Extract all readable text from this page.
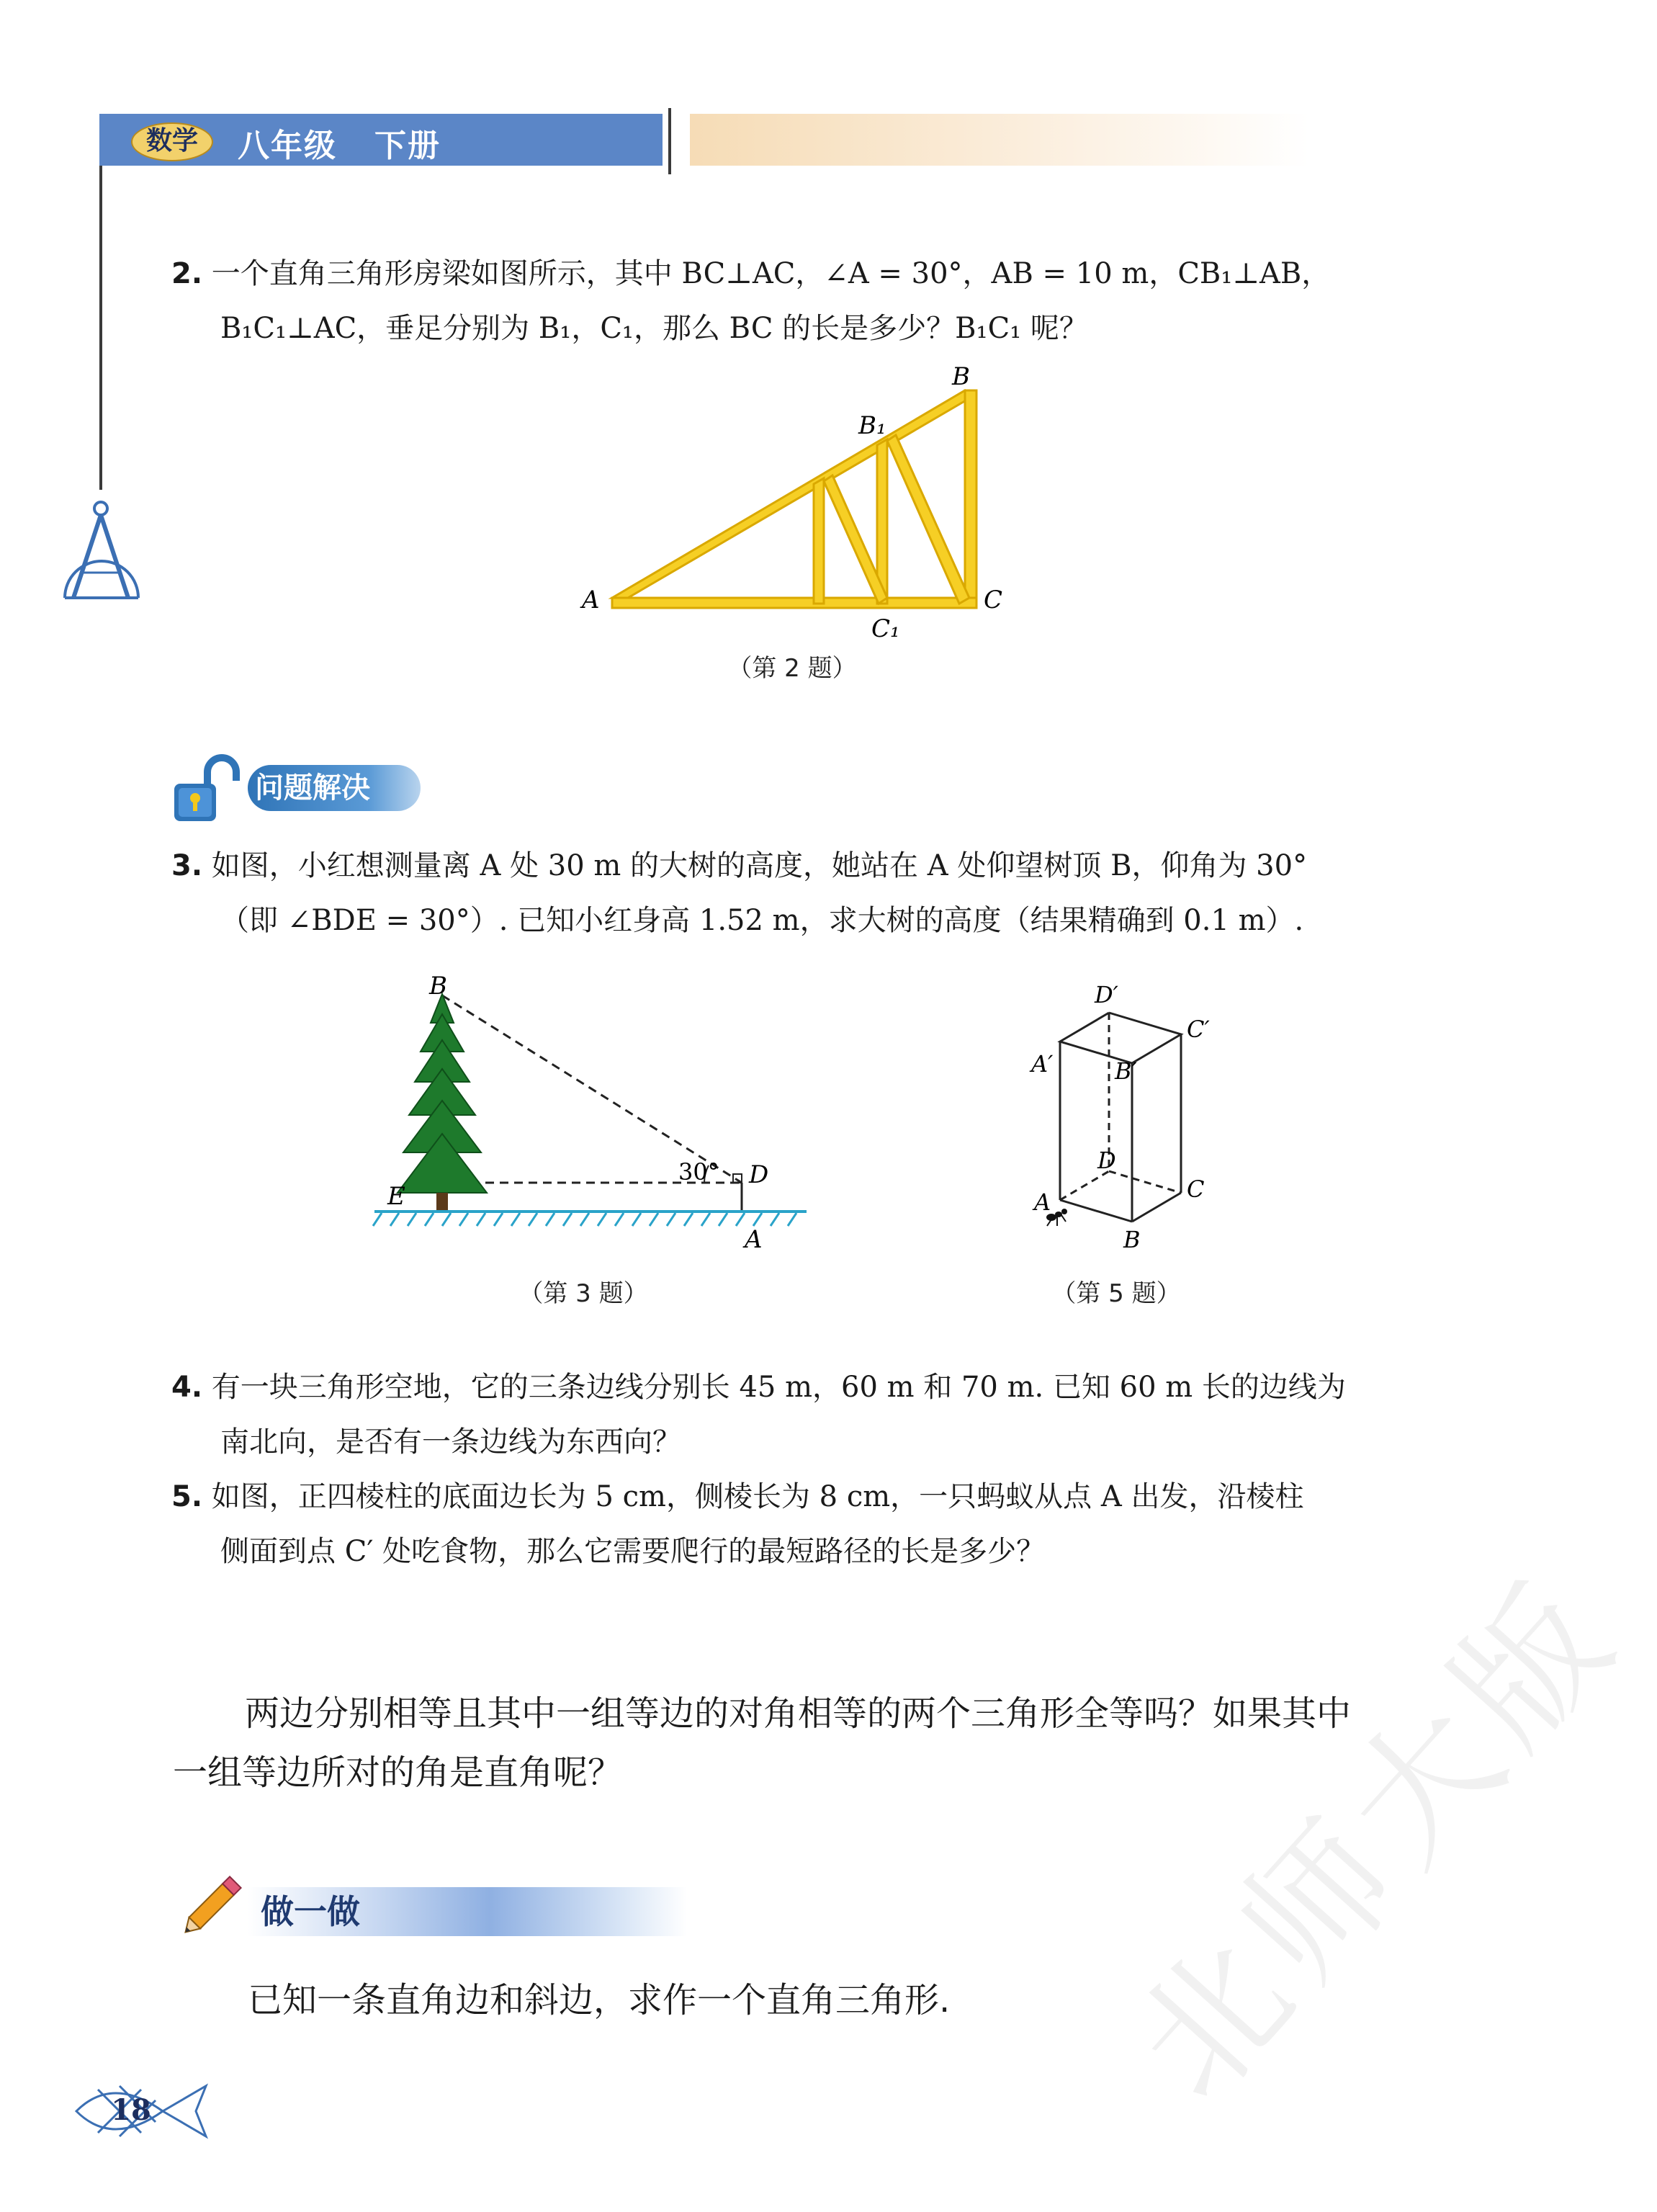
数学	八年级   下册
2. 一个直角三角形房梁如图所示，其中 BC⊥AC，∠A = 30°，AB = 10 m，CB₁⊥AB，
B₁C₁⊥AC，垂足分别为 B₁，C₁，那么 BC 的长是多少？B₁C₁ 呢？
B
B₁
A	C
C₁
（第 2 题）
问题解决
3. 如图，小红想测量离 A 处 30 m 的大树的高度，她站在 A 处仰望树顶 B，仰角为 30°
（即 ∠BDE = 30°）. 已知小红身高 1.52 m，求大树的高度（结果精确到 0.1 m）.
30°
B
E
D
A
（第 3 题）
D′
C′
A′	B′
D
C
A
B
（第 5 题）
4. 有一块三角形空地，它的三条边线分别长 45 m，60 m 和 70 m. 已知 60 m 长的边线为
南北向，是否有一条边线为东西向？
5. 如图，正四棱柱的底面边长为 5 cm，侧棱长为 8 cm，一只蚂蚁从点 A 出发，沿棱柱
侧面到点 C′ 处吃食物，那么它需要爬行的最短路径的长是多少？
两边分别相等且其中一组等边的对角相等的两个三角形全等吗？如果其中
一组等边所对的角是直角呢？
做一做
已知一条直角边和斜边，求作一个直角三角形.
18	北师大版
